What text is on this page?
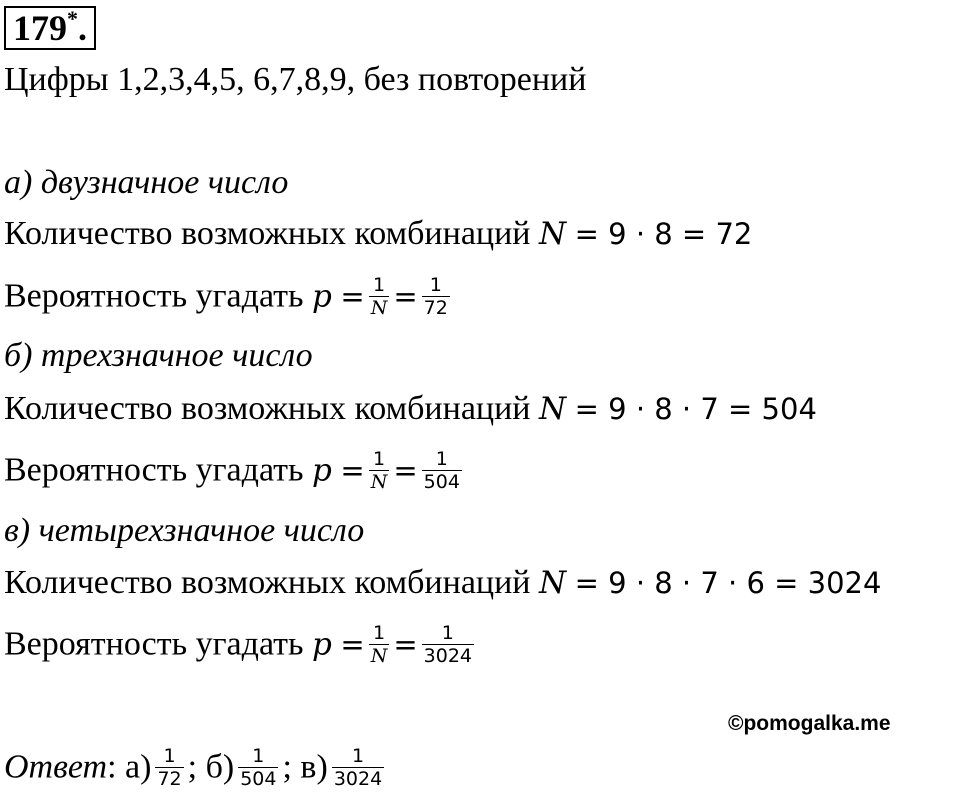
179*.
Цифры 1,2,3,4,5, 6,7,8,9, без повторений
а) двузначное число
Количество возможных комбинаций N = 9 · 8 = 72
Вероятность угадать $p = \frac{1}{N} = \frac{1}{72}$
б) трехзначное число
Количество возможных комбинаций N = 9 · 8 · 7 = 504
Вероятность угадать $p = \frac{1}{N} = \frac{1}{504}$
в) четырехзначное число
Количество возможных комбинаций N = 9 · 8 · 7 · 6 = 3024
Вероятность угадать $p = \frac{1}{N} = \frac{1}{3024}$
©pomogalka.me
Ответ: $а) \frac{1}{72}$ ; $б) \frac{1}{504}$ ; $в) \frac{1}{3024}$
